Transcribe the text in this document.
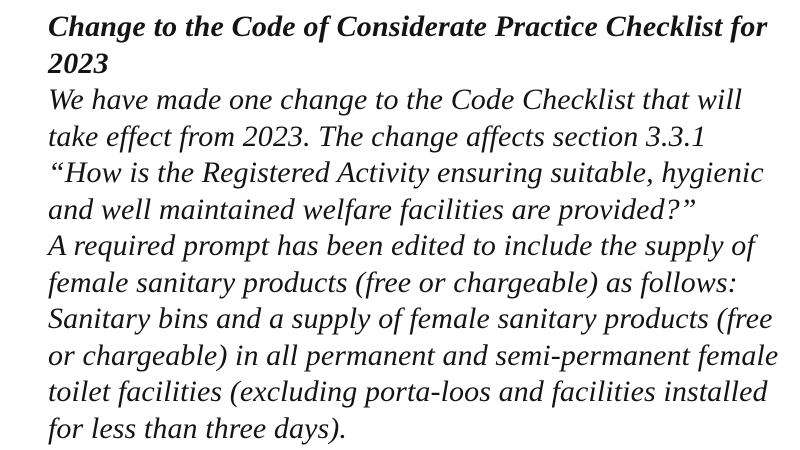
Change to the Code of Considerate Practice Checklist for
2023
We have made one change to the Code Checklist that will
take effect from 2023. The change affects section 3.3.1
“How is the Registered Activity ensuring suitable, hygienic
and well maintained welfare facilities are provided?”
A required prompt has been edited to include the supply of
female sanitary products (free or chargeable) as follows:
Sanitary bins and a supply of female sanitary products (free
or chargeable) in all permanent and semi-permanent female
toilet facilities (excluding porta-loos and facilities installed
for less than three days).
